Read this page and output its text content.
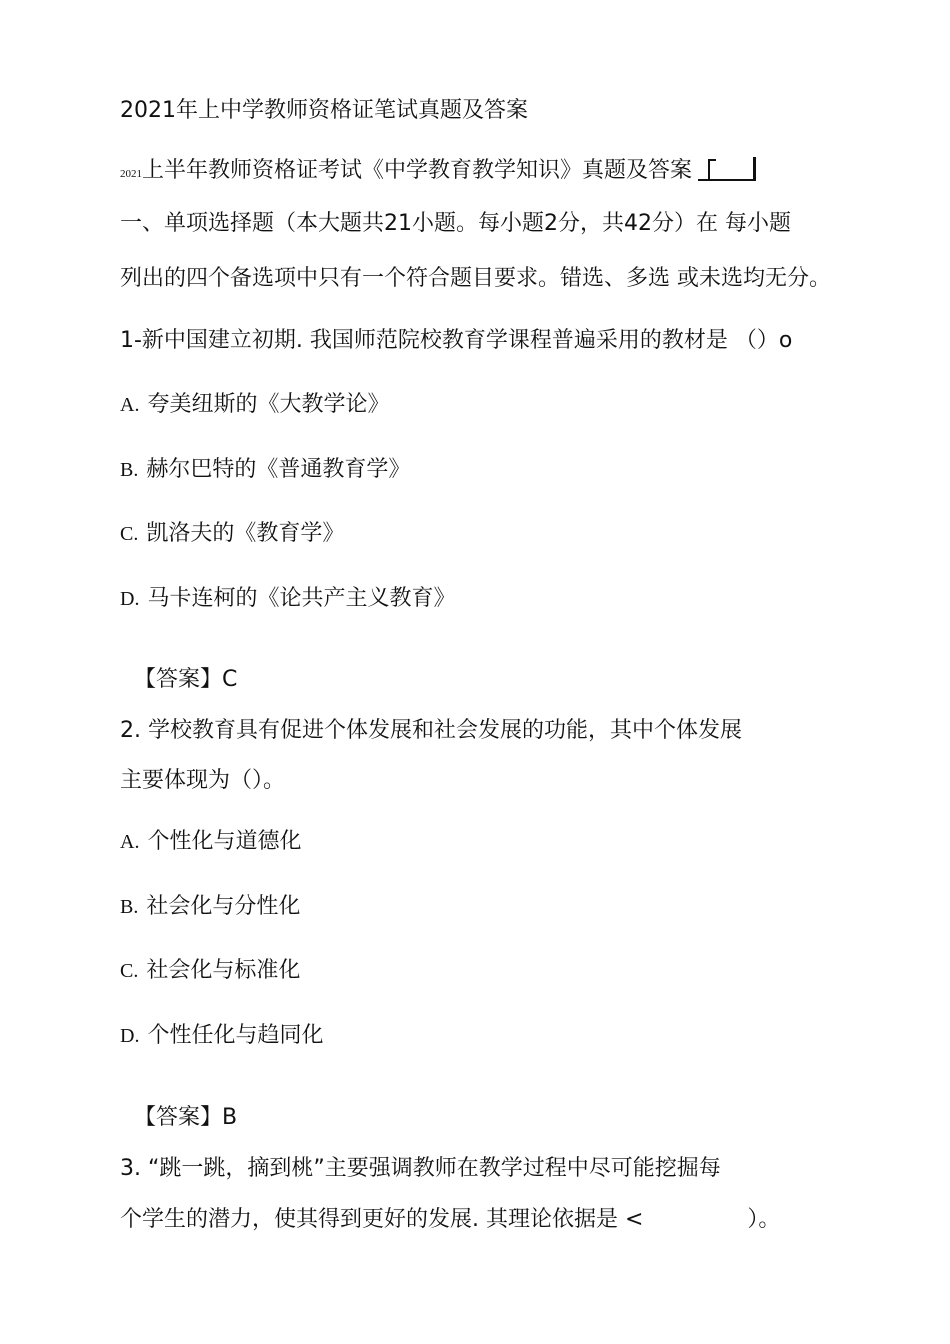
2021年上中学教师资格证笔试真题及答案
2021上半年教师资格证考试《中学教育教学知识》真题及答案
一、单项选择题（本大题共21小题。每小题2分，共42分）在 每小题
列出的四个备选项中只有一个符合题目要求。错选、多选 或未选均无分。
1-新中国建立初期. 我国师范院校教育学课程普遍采用的教材是 （）o
A. 夸美纽斯的《大教学论》
B. 赫尔巴特的《普通教育学》
C. 凯洛夫的《教育学》
D. 马卡连柯的《论共产主义教育》
【答案】C
2. 学校教育具有促进个体发展和社会发展的功能，其中个体发展
主要体现为（）。
A. 个性化与道德化
B. 社会化与分性化
C. 社会化与标准化
D. 个性任化与趋同化
【答案】B
3. “跳一跳，摘到桃”主要强调教师在教学过程中尽可能挖掘每
个学生的潜力，使其得到更好的发展. 其理论依据是 <	）。
